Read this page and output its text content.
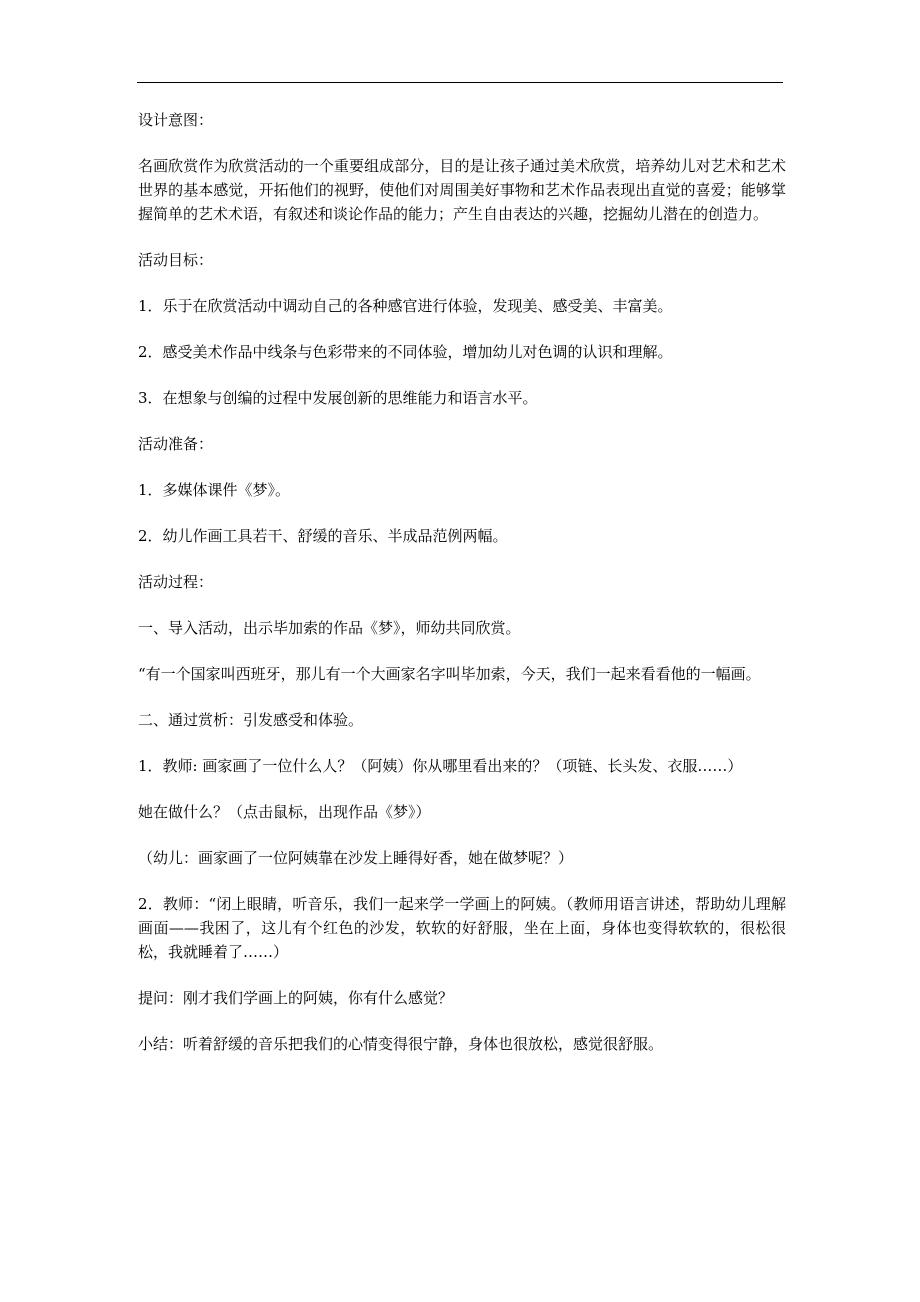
设计意图：

名画欣赏作为欣赏活动的一个重要组成部分，目的是让孩子通过美术欣赏，培养幼儿对艺术和艺术世界的基本感觉，开拓他们的视野，使他们对周围美好事物和艺术作品表现出直觉的喜爱；能够掌握简单的艺术术语，有叙述和谈论作品的能力；产生自由表达的兴趣，挖掘幼儿潜在的创造力。

活动目标：

1．乐于在欣赏活动中调动自己的各种感官进行体验，发现美、感受美、丰富美。

2．感受美术作品中线条与色彩带来的不同体验，增加幼儿对色调的认识和理解。

3．在想象与创编的过程中发展创新的思维能力和语言水平。

活动准备：

1．多媒体课件《梦》。

2．幼儿作画工具若干、舒缓的音乐、半成品范例两幅。

活动过程：

一、导入活动，出示毕加索的作品《梦》，师幼共同欣赏。

“有一个国家叫西班牙，那儿有一个大画家名字叫毕加索，今天，我们一起来看看他的一幅画。

二、通过赏析：引发感受和体验。

1．教师: 画家画了一位什么人？（阿姨）你从哪里看出来的？（项链、长头发、衣服……）

她在做什么？（点击鼠标，出现作品《梦》）

（幼儿：画家画了一位阿姨靠在沙发上睡得好香，她在做梦呢？）

2．教师：“闭上眼睛，听音乐，我们一起来学一学画上的阿姨。（教师用语言讲述，帮助幼儿理解画面——我困了，这儿有个红色的沙发，软软的好舒服，坐在上面，身体也变得软软的，很松很松，我就睡着了……）

提问：刚才我们学画上的阿姨，你有什么感觉？

小结：听着舒缓的音乐把我们的心情变得很宁静，身体也很放松，感觉很舒服。
